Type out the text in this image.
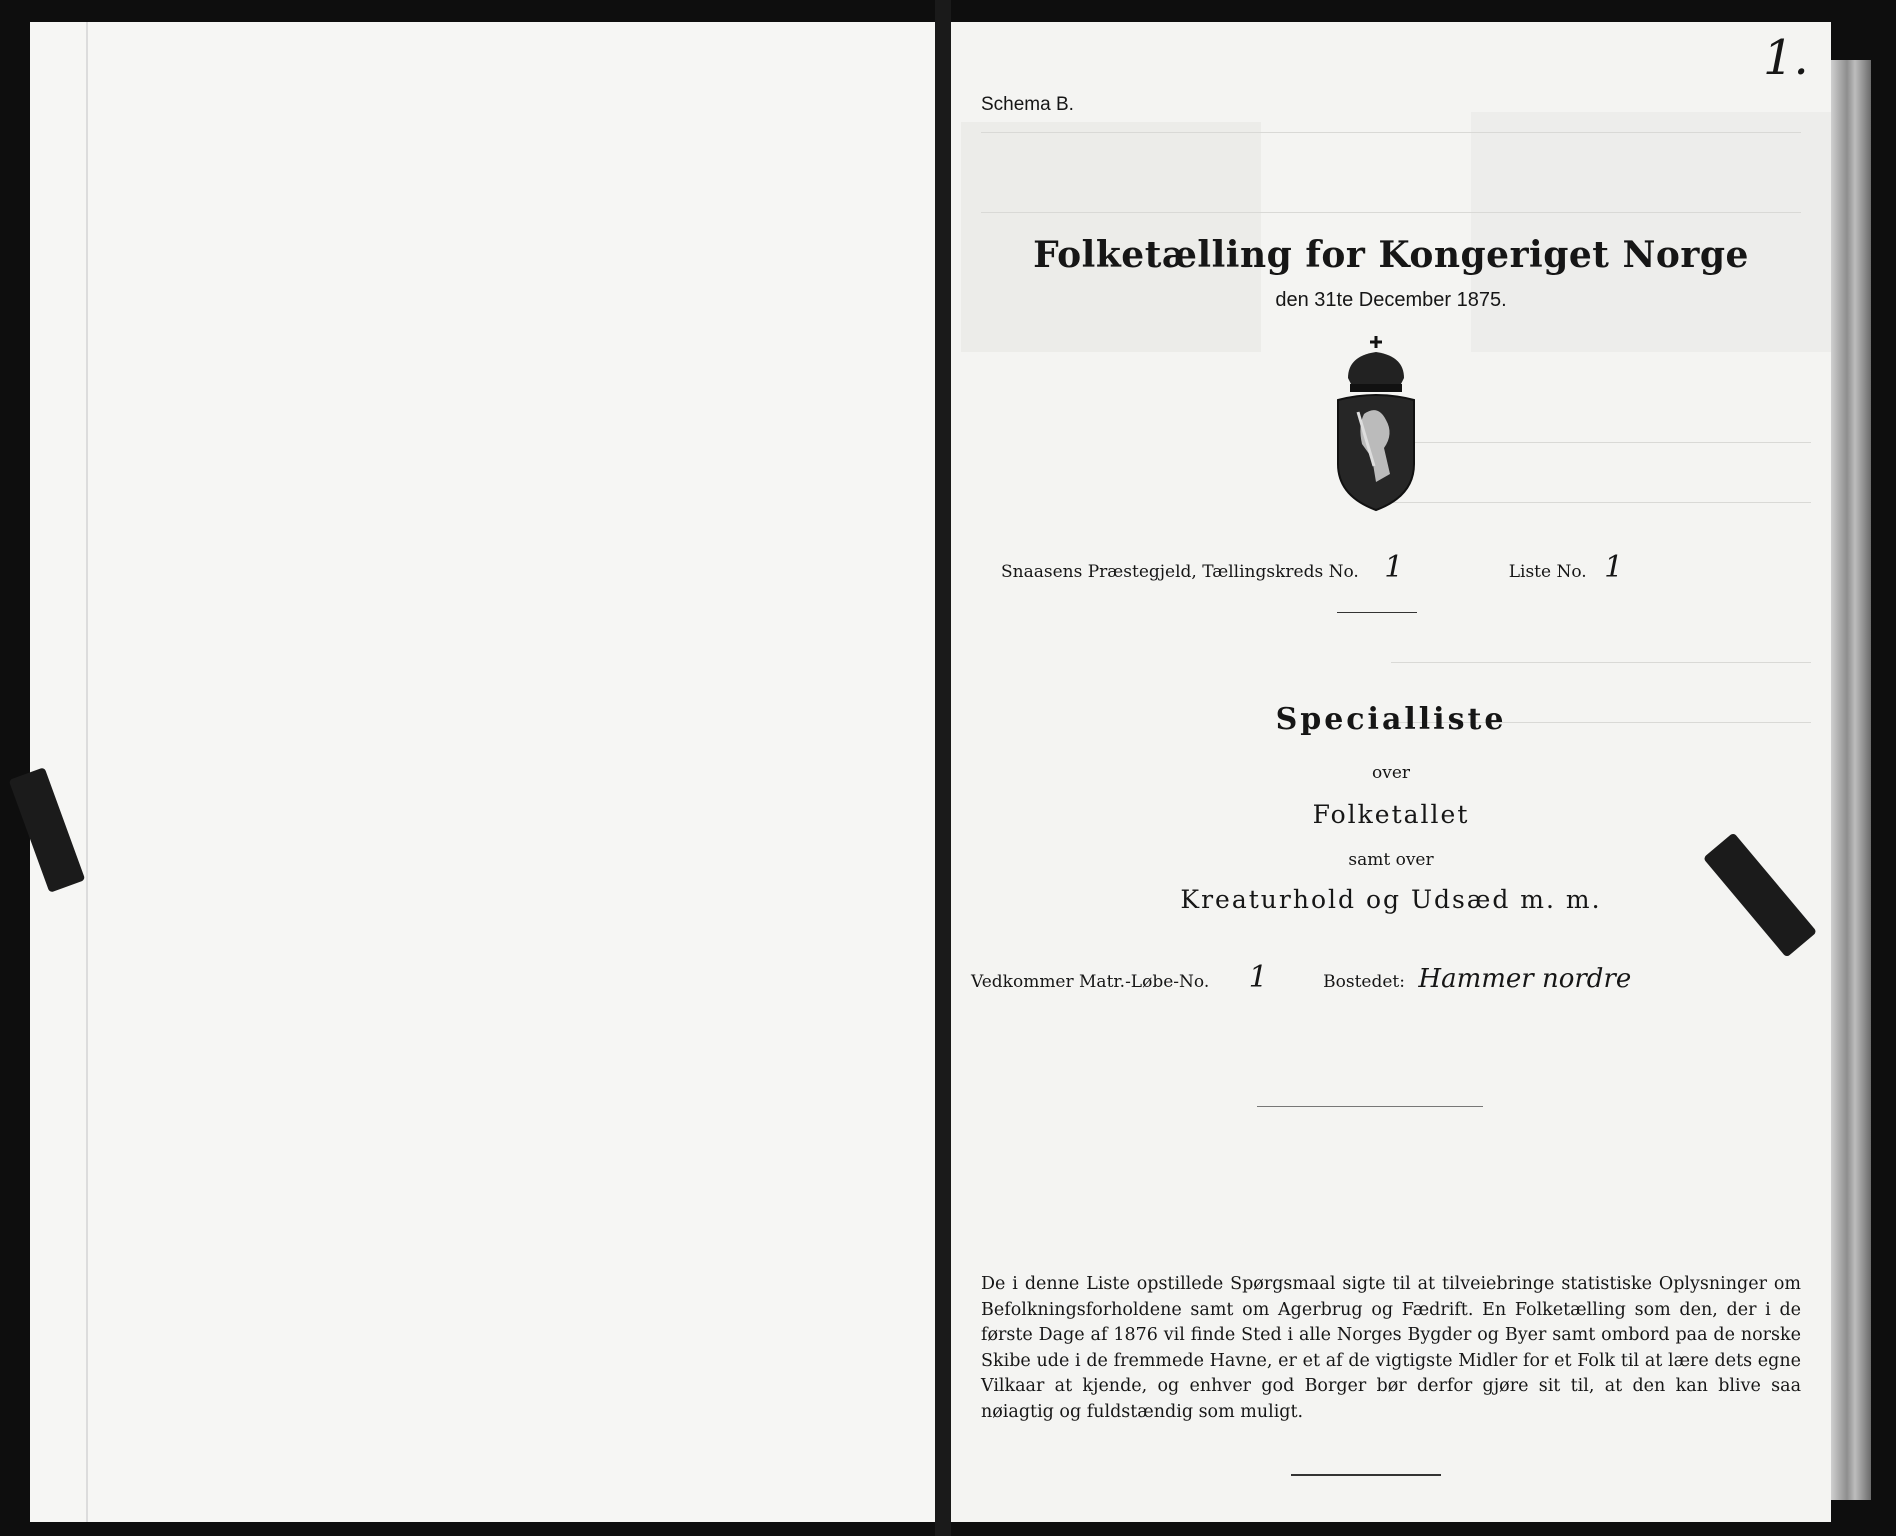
1.
Schema B.
Folketælling for Kongeriget Norge
den 31te December 1875.
Snaasens Præstegjeld, Tællingskreds No. 1	Liste No. 1
Specialliste
over
Folketallet
samt over
Kreaturhold og Udsæd m. m.
Vedkommer Matr.-Løbe-No. 1	Bostedet: Hammer nordre
De i denne Liste opstillede Spørgsmaal sigte til at tilveiebringe statistiske Oplysninger om Befolkningsforholdene samt om Agerbrug og Fædrift. En Folketælling som den, der i de første Dage af 1876 vil finde Sted i alle Norges Bygder og Byer samt ombord paa de norske Skibe ude i de fremmede Havne, er et af de vigtigste Midler for et Folk til at lære dets egne Vilkaar at kjende, og enhver god Borger bør derfor gjøre sit til, at den kan blive saa nøiagtig og fuldstændig som muligt.
